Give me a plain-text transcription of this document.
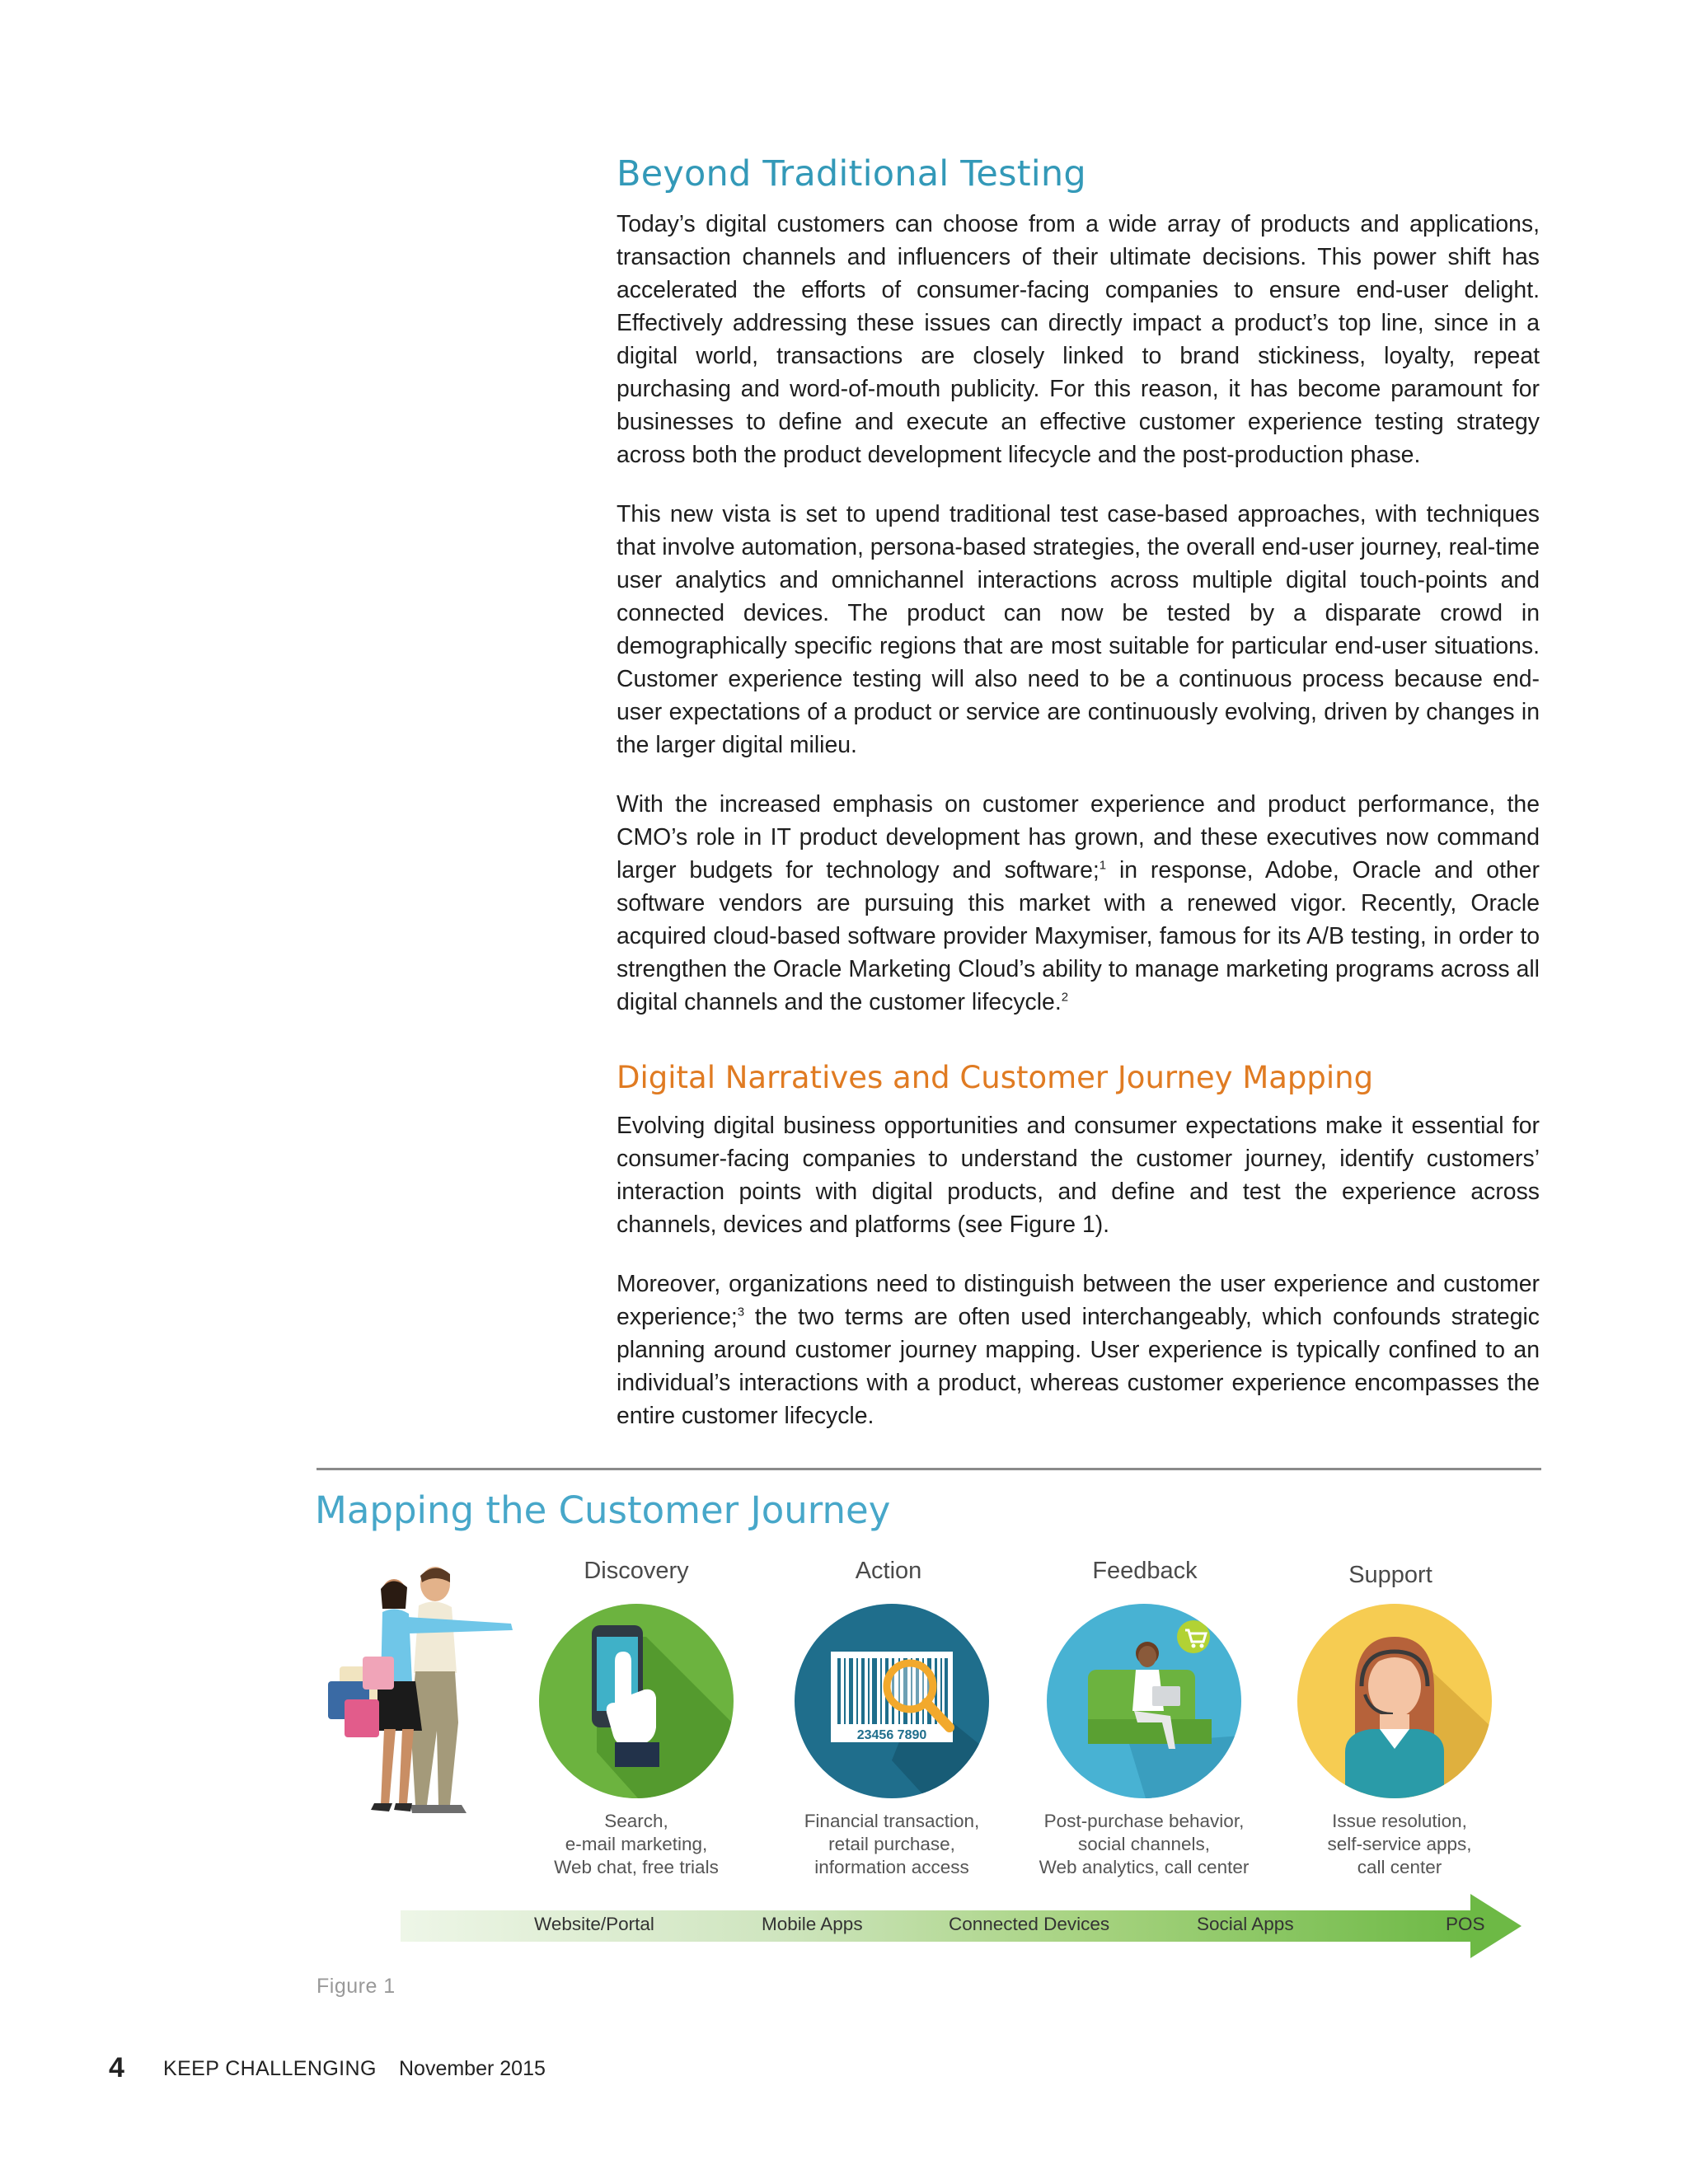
Beyond Traditional Testing

Today’s digital customers can choose from a wide array of products and applications, transaction channels and influencers of their ultimate decisions. This power shift has accelerated the efforts of consumer-facing companies to ensure end-user delight. Effectively addressing these issues can directly impact a product’s top line, since in a digital world, transactions are closely linked to brand stickiness, loyalty, repeat purchasing and word-of-mouth publicity. For this reason, it has become paramount for businesses to define and execute an effective customer experience testing strategy across both the product development lifecycle and the post-production phase.

This new vista is set to upend traditional test case-based approaches, with techniques that involve automation, persona-based strategies, the overall end-user journey, real-time user analytics and omnichannel interactions across multiple digital touch-points and connected devices. The product can now be tested by a disparate crowd in demographically specific regions that are most suitable for particular end-user situations. Customer experience testing will also need to be a continuous process because end-user expectations of a product or service are continuously evolving, driven by changes in the larger digital milieu.

With the increased emphasis on customer experience and product performance, the CMO’s role in IT product development has grown, and these executives now command larger budgets for technology and software;$^1$ in response, Adobe, Oracle and other software vendors are pursuing this market with a renewed vigor. Recently, Oracle acquired cloud-based software provider Maxymiser, famous for its A/B testing, in order to strengthen the Oracle Marketing Cloud’s ability to manage marketing programs across all digital channels and the customer lifecycle.$^2$

Digital Narratives and Customer Journey Mapping

Evolving digital business opportunities and consumer expectations make it essential for consumer-facing companies to understand the customer journey, identify customers’ interaction points with digital products, and define and test the experience across channels, devices and platforms (see Figure 1).

Moreover, organizations need to distinguish between the user experience and customer experience;$^3$ the two terms are often used interchangeably, which confounds strategic planning around customer journey mapping. User experience is typically confined to an individual’s interactions with a product, whereas customer experience encompasses the entire customer lifecycle.

Mapping the Customer Journey
Discovery	Action	Feedback	Support
23456 7890
Search,
e-mail marketing,
Web chat, free trials
Financial transaction,
retail purchase,
information access
Post-purchase behavior,
social channels,
Web analytics, call center
Issue resolution,
self-service apps,
call center
Website/Portal	Mobile Apps	Connected Devices	Social Apps	POS
Figure 1
4 KEEP CHALLENGING November 2015
